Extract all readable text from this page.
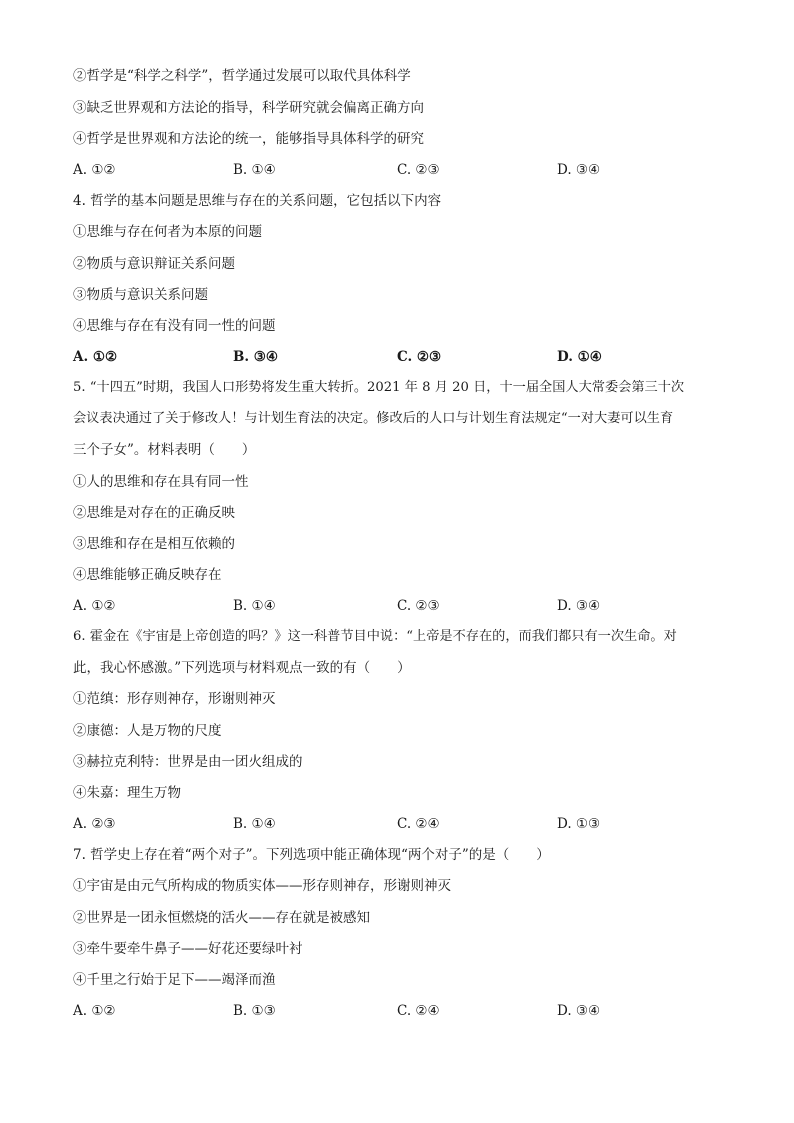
②哲学是“科学之科学”，哲学通过发展可以取代具体科学
③缺乏世界观和方法论的指导，科学研究就会偏离正确方向
④哲学是世界观和方法论的统一，能够指导具体科学的研究
A. ①②	B. ①④	C. ②③	D. ③④
4. 哲学的基本问题是思维与存在的关系问题，它包括以下内容
①思维与存在何者为本原的问题
②物质与意识辩证关系问题
③物质与意识关系问题
④思维与存在有没有同一性的问题
A. ①②	B. ③④	C. ②③	D. ①④
5. “十四五”时期，我国人口形势将发生重大转折。2021 年 8 月 20 日，十一届全国人大常委会第三十次
会议表决通过了关于修改人！与计划生育法的决定。修改后的人口与计划生育法规定“一对大妻可以生育
三个子女”。材料表明（　　）
①人的思维和存在具有同一性
②思维是对存在的正确反映
③思维和存在是相互依赖的
④思维能够正确反映存在
A. ①②	B. ①④	C. ②③	D. ③④
6. 霍金在《宇宙是上帝创造的吗？》这一科普节目中说：“上帝是不存在的，而我们都只有一次生命。对
此，我心怀感激。”下列选项与材料观点一致的有（　　）
①范缜：形存则神存，形谢则神灭
②康德：人是万物的尺度
③赫拉克利特：世界是由一团火组成的
④朱嘉：理生万物
A. ②③	B. ①④	C. ②④	D. ①③
7. 哲学史上存在着“两个对子”。下列选项中能正确体现“两个对子”的是（　　）
①宇宙是由元气所构成的物质实体——形存则神存，形谢则神灭
②世界是一团永恒燃烧的活火——存在就是被感知
③牵牛要牵牛鼻子——好花还要绿叶衬
④千里之行始于足下——竭泽而渔
A. ①②	B. ①③	C. ②④	D. ③④
